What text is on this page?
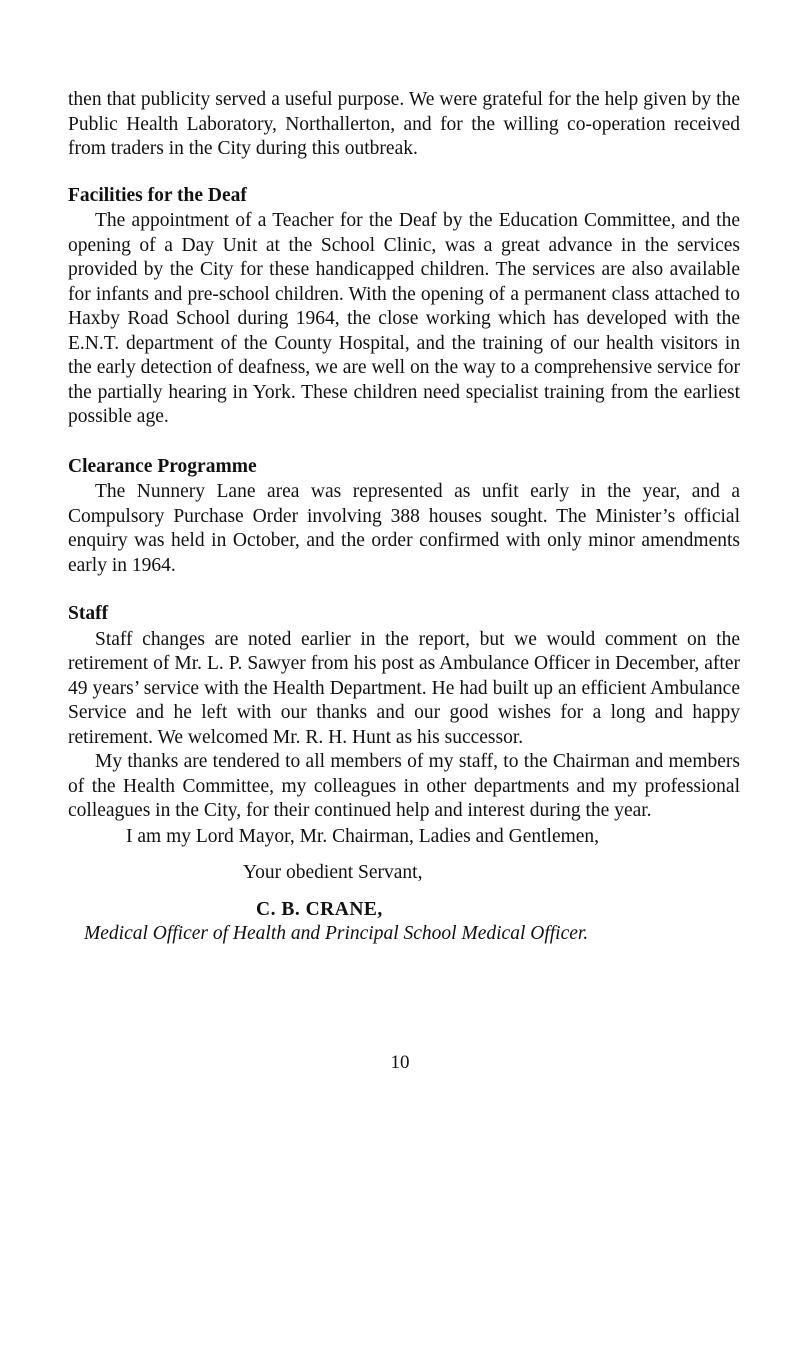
then that publicity served a useful purpose. We were grateful for the help given by the Public Health Laboratory, Northallerton, and for the willing co-operation received from traders in the City during this outbreak.

Facilities for the Deaf

The appointment of a Teacher for the Deaf by the Education Committee, and the opening of a Day Unit at the School Clinic, was a great advance in the services provided by the City for these handicapped children. The services are also available for infants and pre-school children. With the opening of a permanent class attached to Haxby Road School during 1964, the close working which has developed with the E.N.T. department of the County Hospital, and the training of our health visitors in the early detection of deafness, we are well on the way to a comprehensive service for the partially hearing in York. These children need specialist training from the earliest possible age.

Clearance Programme

The Nunnery Lane area was represented as unfit early in the year, and a Compulsory Purchase Order involving 388 houses sought. The Minister’s official enquiry was held in October, and the order confirmed with only minor amendments early in 1964.

Staff

Staff changes are noted earlier in the report, but we would comment on the retirement of Mr. L. P. Sawyer from his post as Ambulance Officer in December, after 49 years’ service with the Health Department. He had built up an efficient Ambulance Service and he left with our thanks and our good wishes for a long and happy retirement. We welcomed Mr. R. H. Hunt as his successor.

My thanks are tendered to all members of my staff, to the Chairman and members of the Health Committee, my colleagues in other departments and my professional colleagues in the City, for their continued help and interest during the year.

I am my Lord Mayor, Mr. Chairman, Ladies and Gentlemen,

Your obedient Servant,

C. B. CRANE,

Medical Officer of Health and Principal School Medical Officer.

10
